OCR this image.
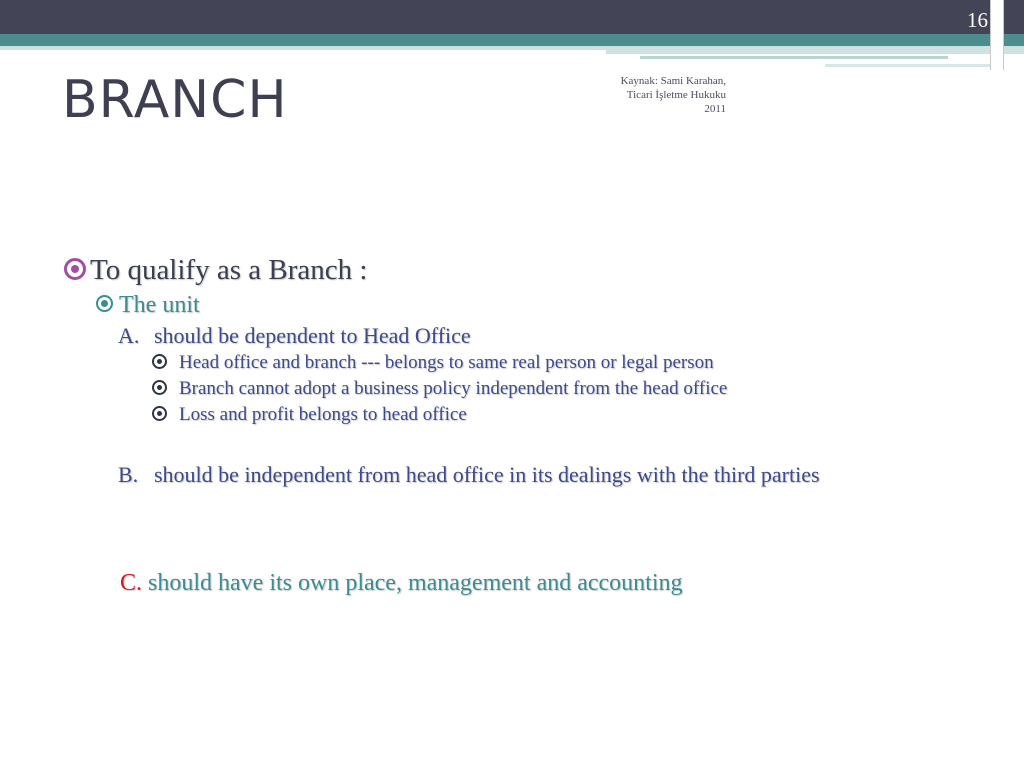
16
BRANCH	Kaynak: Sami Karahan,
Ticari İşletme Hukuku
2011
To qualify as a Branch :
The unit
A. should be dependent to Head Office
Head office and branch --- belongs to same real person or legal person
Branch cannot adopt a business policy independent from the head office
Loss and profit belongs to head office
B. should be independent from head office in its dealings with the third parties
C. should have its own place, management and accounting
